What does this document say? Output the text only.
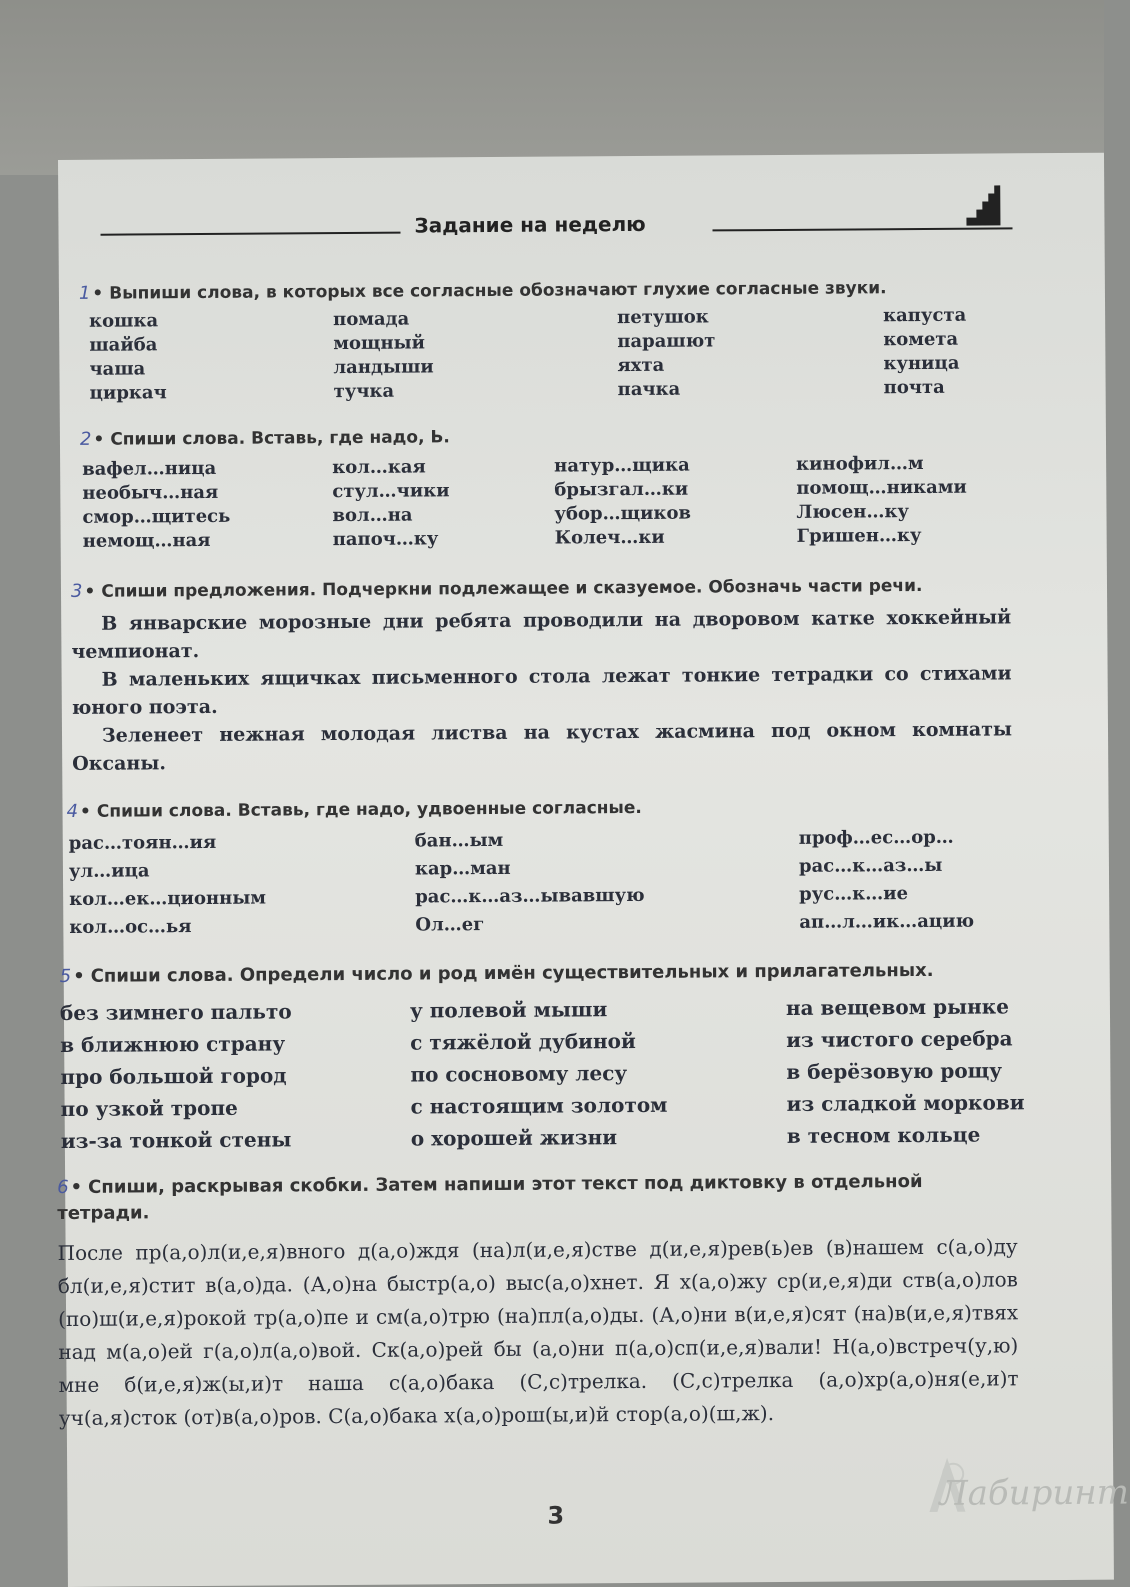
Задание на неделю
1 • Выпиши слова, в которых все согласные обозначают глухие согласные звуки.
кошка
шайба
чаша
циркач
помада
мощный
ландыши
тучка
петушок
парашют
яхта
пачка
капуста
комета
куница
почта
2 • Спиши слова. Вставь, где надо, Ь.
вафел…ница
необыч…ная
смор…щитесь
немощ…ная
кол…кая
стул…чики
вол…на
папоч…ку
натур…щика
брызгал…ки
убор…щиков
Колеч…ки
кинофил…м
помощ…никами
Люсен…ку
Гришен…ку
3 • Спиши предложения. Подчеркни подлежащее и сказуемое. Обозначь части речи.
В январские морозные дни ребята проводили на дворовом катке хоккейный чемпионат.
В маленьких ящичках письменного стола лежат тонкие тетрадки со стихами юного поэта.
Зеленеет нежная молодая листва на кустах жасмина под окном комнаты Оксаны.
4 • Спиши слова. Вставь, где надо, удвоенные согласные.
рас…тоян…ия
ул…ица
кол…ек…ционным
кол…ос…ья
бан…ым
кар…ман
рас…к…аз…ывавшую
Ол…ег
проф…ес…ор…
рас…к…аз…ы
рус…к…ие
ап…л…ик…ацию
5 • Спиши слова. Определи число и род имён существительных и прилагательных.
без зимнего пальто
в ближнюю страну
про большой город
по узкой тропе
из-за тонкой стены
у полевой мыши
с тяжёлой дубиной
по сосновому лесу
с настоящим золотом
о хорошей жизни
на вещевом рынке
из чистого серебра
в берёзовую рощу
из сладкой моркови
в тесном кольце
6 • Спиши, раскрывая скобки. Затем напиши этот текст под диктовку в отдельной тетради.
После пр(а,о)л(и,е,я)вного д(а,о)ждя (на)л(и,е,я)стве д(и,е,я)рев(ь)ев (в)нашем с(а,о)ду бл(и,е,я)стит в(а,о)да. (А,о)на быстр(а,о) выс(а,о)хнет. Я х(а,о)жу ср(и,е,я)ди ств(а,о)лов (по)ш(и,е,я)рокой тр(а,о)пе и см(а,о)трю (на)пл(а,о)ды. (А,о)ни в(и,е,я)сят (на)в(и,е,я)твях над м(а,о)ей г(а,о)л(а,о)вой. Ск(а,о)рей бы (а,о)ни п(а,о)сп(и,е,я)вали! Н(а,о)встреч(у,ю) мне б(и,е,я)ж(ы,и)т наша с(а,о)бака (С,с)трелка. (С,с)трелка (а,о)хр(а,о)ня(е,и)т уч(а,я)сток (от)в(а,о)ров. С(а,о)бака х(а,о)рош(ы,и)й стор(а,о)(ш,ж).
3
Лабиринт
